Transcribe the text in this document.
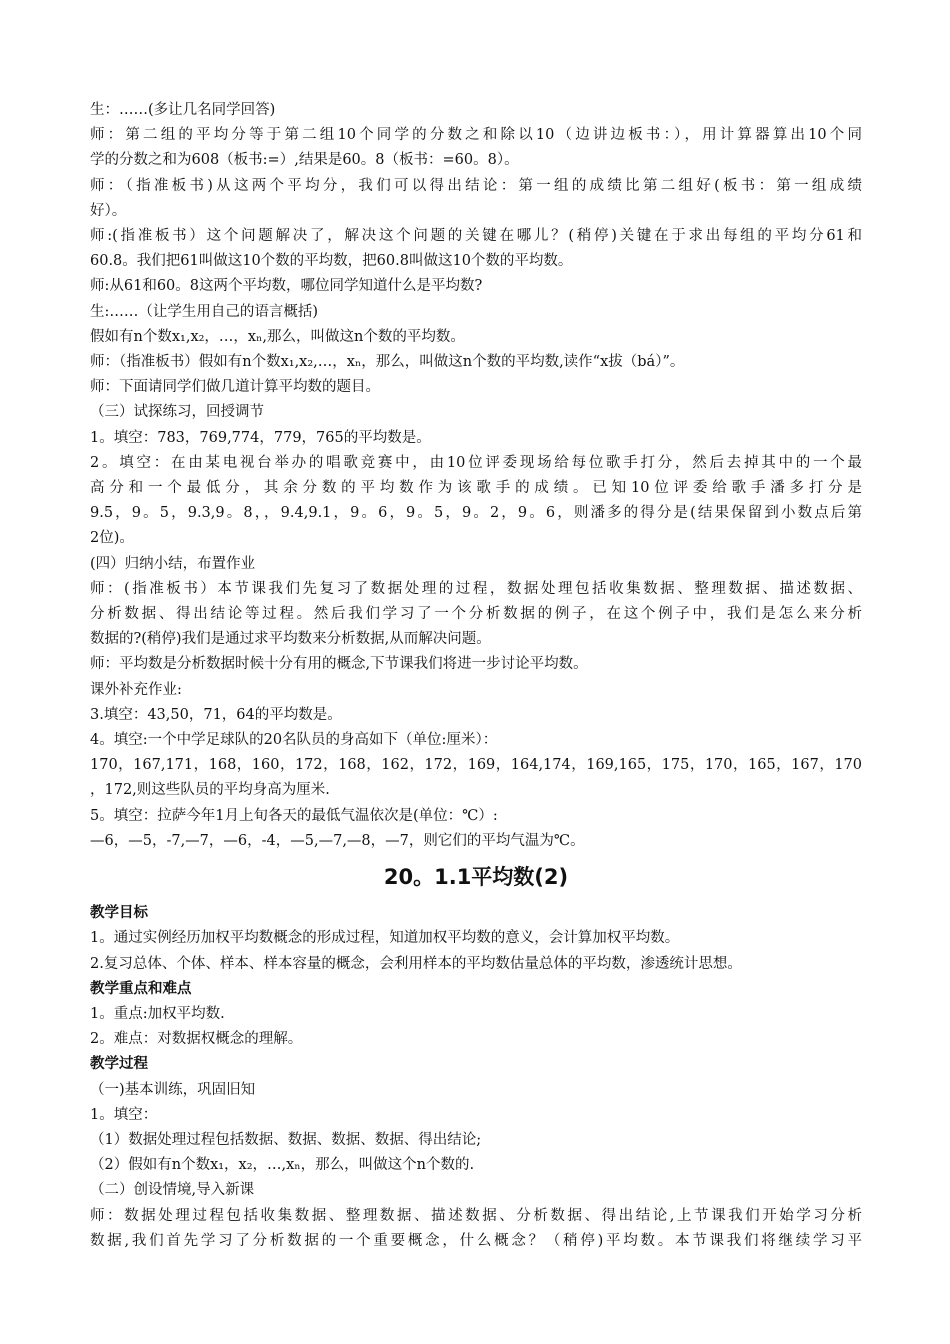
生：……(多让几名同学回答)
师：第二组的平均分等于第二组10个同学的分数之和除以10（边讲边板书：），用计算器算出10个同
学的分数之和为608（板书:=）,结果是60。8（板书：=60。8）。
师：（指准板书)从这两个平均分，我们可以得出结论：第一组的成绩比第二组好(板书：第一组成绩
好）。
师:(指准板书）这个问题解决了，解决这个问题的关键在哪儿？(稍停)关键在于求出每组的平均分61和
60.8。我们把61叫做这10个数的平均数，把60.8叫做这10个数的平均数。
师:从61和60。8这两个平均数，哪位同学知道什么是平均数?
生:……（让学生用自己的语言概括)
假如有n个数x₁,x₂，…，xₙ,那么，叫做这n个数的平均数。
师：（指准板书）假如有n个数x₁,x₂,…，xₙ，那么，叫做这n个数的平均数,读作“x拔（bá）”。
师：下面请同学们做几道计算平均数的题目。
（三）试探练习，回授调节
1。填空：783，769,774，779，765的平均数是。
2。填空：在由某电视台举办的唱歌竞赛中，由10位评委现场给每位歌手打分，然后去掉其中的一个最
高分和一个最低分，其余分数的平均数作为该歌手的成绩。已知10位评委给歌手潘多打分是
9.5，9。5，9.3,9。8，，9.4,9.1，9。6，9。5，9。2，9。6，则潘多的得分是(结果保留到小数点后第
2位)。
(四）归纳小结，布置作业
师：(指准板书）本节课我们先复习了数据处理的过程，数据处理包括收集数据、整理数据、描述数据、
分析数据、得出结论等过程。然后我们学习了一个分析数据的例子，在这个例子中，我们是怎么来分析
数据的?(稍停)我们是通过求平均数来分析数据,从而解决问题。
师：平均数是分析数据时候十分有用的概念,下节课我们将进一步讨论平均数。
课外补充作业:
3.填空：43,50，71，64的平均数是。
4。填空:一个中学足球队的20名队员的身高如下（单位:厘米）：
170，167,171，168，160，172，168，162，172，169，164,174，169,165，175，170，165，167，170
，172,则这些队员的平均身高为厘米.
5。填空：拉萨今年1月上旬各天的最低气温依次是(单位：℃）:
—6，—5，-7,—7，—6，-4，—5,—7,—8，—7，则它们的平均气温为℃。
20。1.1平均数(2)
教学目标
1。通过实例经历加权平均数概念的形成过程，知道加权平均数的意义，会计算加权平均数。
2.复习总体、个体、样本、样本容量的概念，会利用样本的平均数估量总体的平均数，渗透统计思想。
教学重点和难点
1。重点:加权平均数.
2。难点：对数据权概念的理解。
教学过程
（一)基本训练，巩固旧知
1。填空：
（1）数据处理过程包括数据、数据、数据、数据、得出结论;
（2）假如有n个数x₁，x₂，…,xₙ，那么，叫做这个n个数的.
（二）创设情境,导入新课
师：数据处理过程包括收集数据、整理数据、描述数据、分析数据、得出结论,上节课我们开始学习分析
数据,我们首先学习了分析数据的一个重要概念，什么概念？（稍停)平均数。本节课我们将继续学习平
